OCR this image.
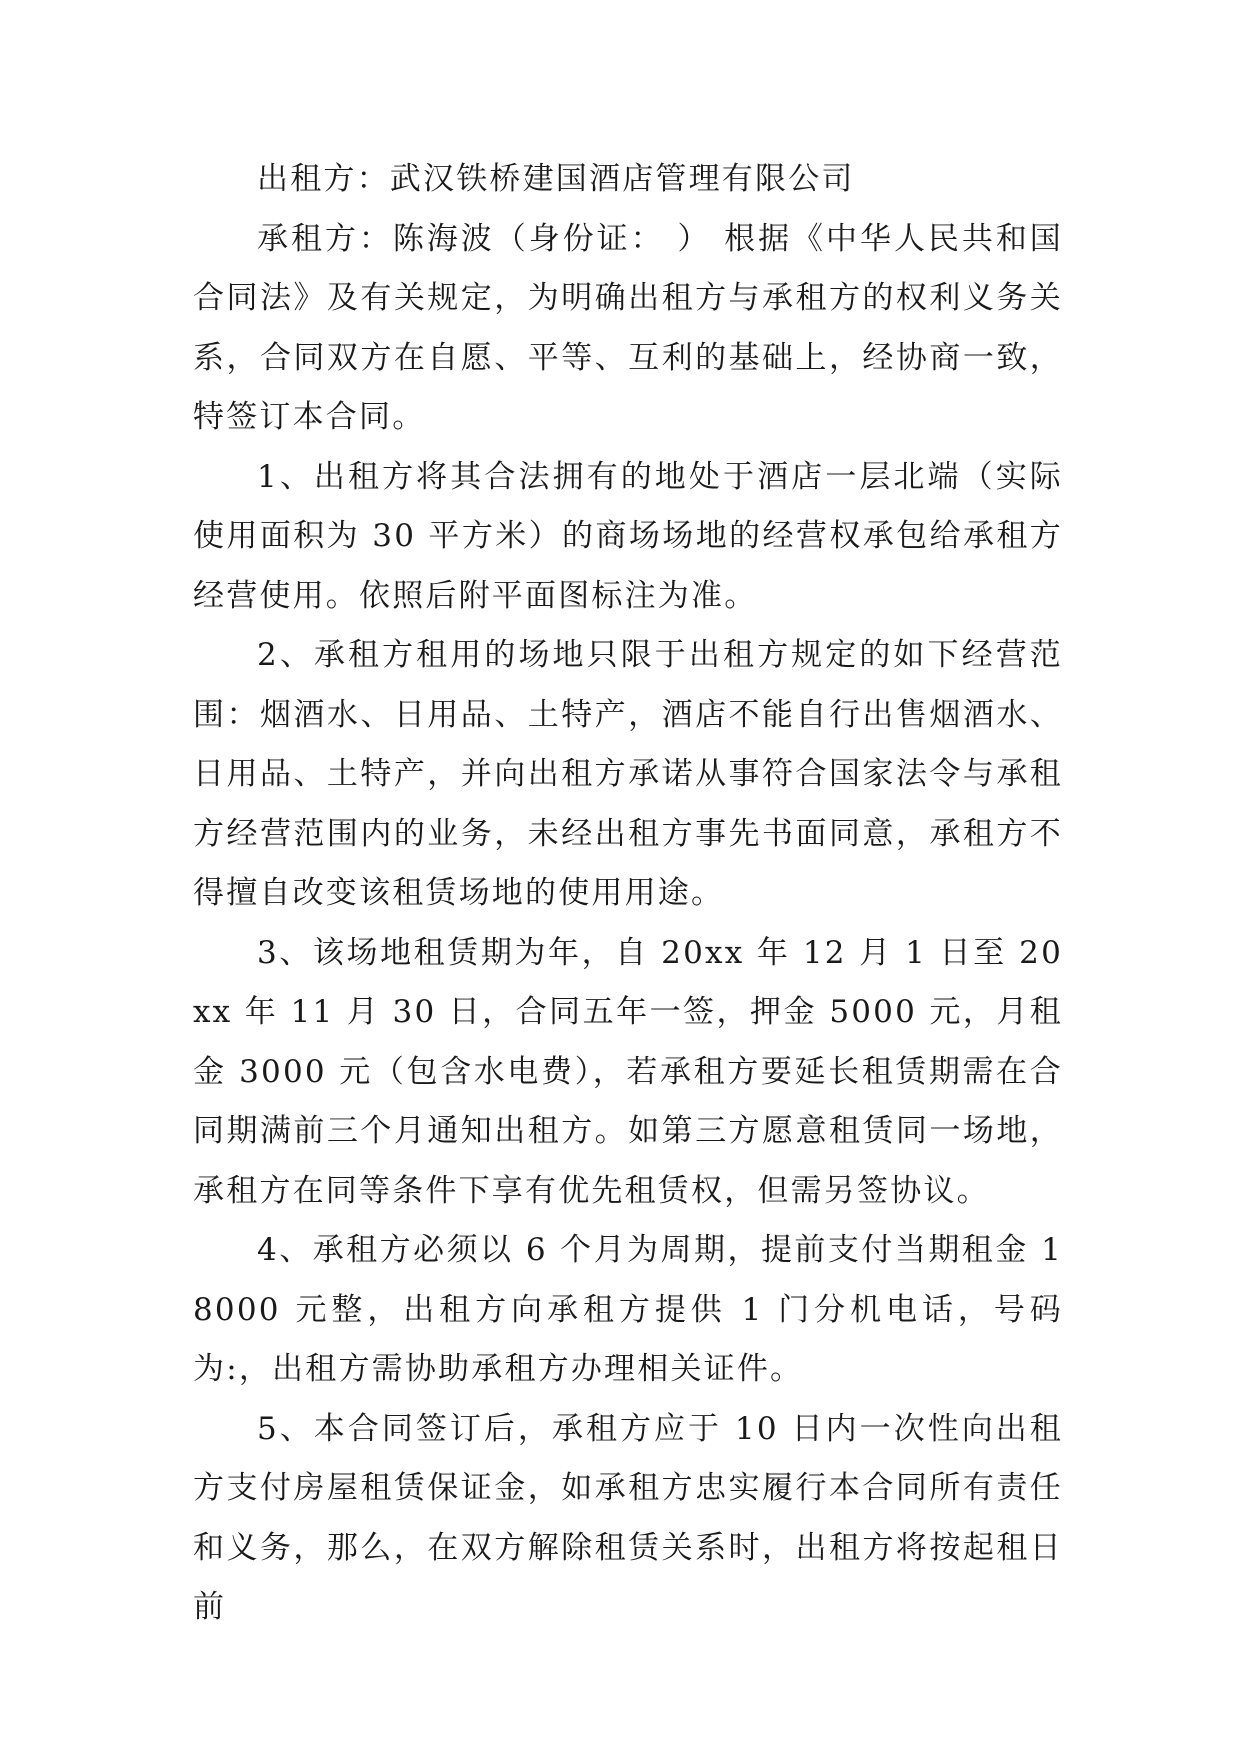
出租方：武汉铁桥建国酒店管理有限公司

承租方：陈海波（身份证： ） 根据《中华人民共和国合同法》及有关规定，为明确出租方与承租方的权利义务关系，合同双方在自愿、平等、互利的基础上，经协商一致，特签订本合同。

1、出租方将其合法拥有的地处于酒店一层北端（实际使用面积为 30 平方米）的商场场地的经营权承包给承租方经营使用。依照后附平面图标注为准。

2、承租方租用的场地只限于出租方规定的如下经营范围：烟酒水、日用品、土特产，酒店不能自行出售烟酒水、日用品、土特产，并向出租方承诺从事符合国家法令与承租方经营范围内的业务，未经出租方事先书面同意，承租方不得擅自改变该租赁场地的使用用途。

3、该场地租赁期为年，自 20xx 年 12 月 1 日至 20xx 年 11 月 30 日，合同五年一签，押金 5000 元，月租金 3000 元（包含水电费），若承租方要延长租赁期需在合同期满前三个月通知出租方。如第三方愿意租赁同一场地，承租方在同等条件下享有优先租赁权，但需另签协议。

4、承租方必须以 6 个月为周期，提前支付当期租金 18000 元整，出租方向承租方提供 1 门分机电话，号码为:，出租方需协助承租方办理相关证件。

5、本合同签订后，承租方应于 10 日内一次性向出租方支付房屋租赁保证金，如承租方忠实履行本合同所有责任和义务，那么，在双方解除租赁关系时，出租方将按起租日前
